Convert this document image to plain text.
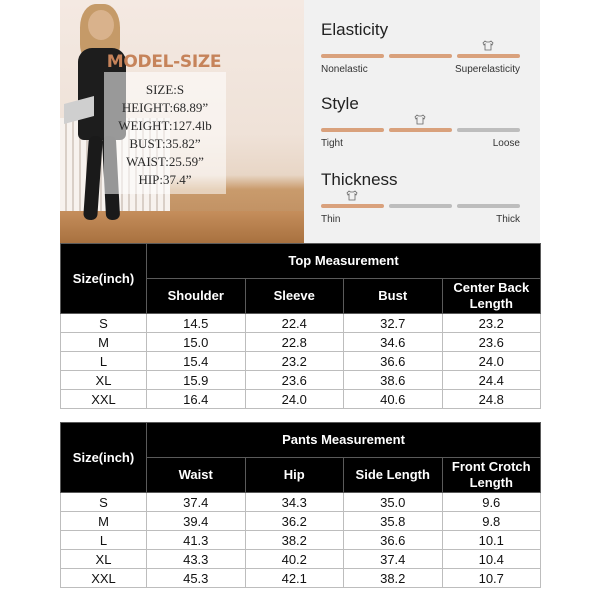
MODEL-SIZE
SIZE:S
HEIGHT:68.89”
WEIGHT:127.4lb
BUST:35.82”
WAIST:25.59”
HIP:37.4”
Elasticity
Nonelastic	Superelasticity
Style
Tight	Loose
Thickness
Thin	Thick
Size(inch)	Top Measurement			
	Shoulder	Sleeve	Bust	Center Back Length
S	14.5	22.4	32.7	23.2
M	15.0	22.8	34.6	23.6
L	15.4	23.2	36.6	24.0
XL	15.9	23.6	38.6	24.4
XXL	16.4	24.0	40.6	24.8
Size(inch)	Pants Measurement			
	Waist	Hip	Side Length	Front Crotch Length
S	37.4	34.3	35.0	9.6
M	39.4	36.2	35.8	9.8
L	41.3	38.2	36.6	10.1
XL	43.3	40.2	37.4	10.4
XXL	45.3	42.1	38.2	10.7
